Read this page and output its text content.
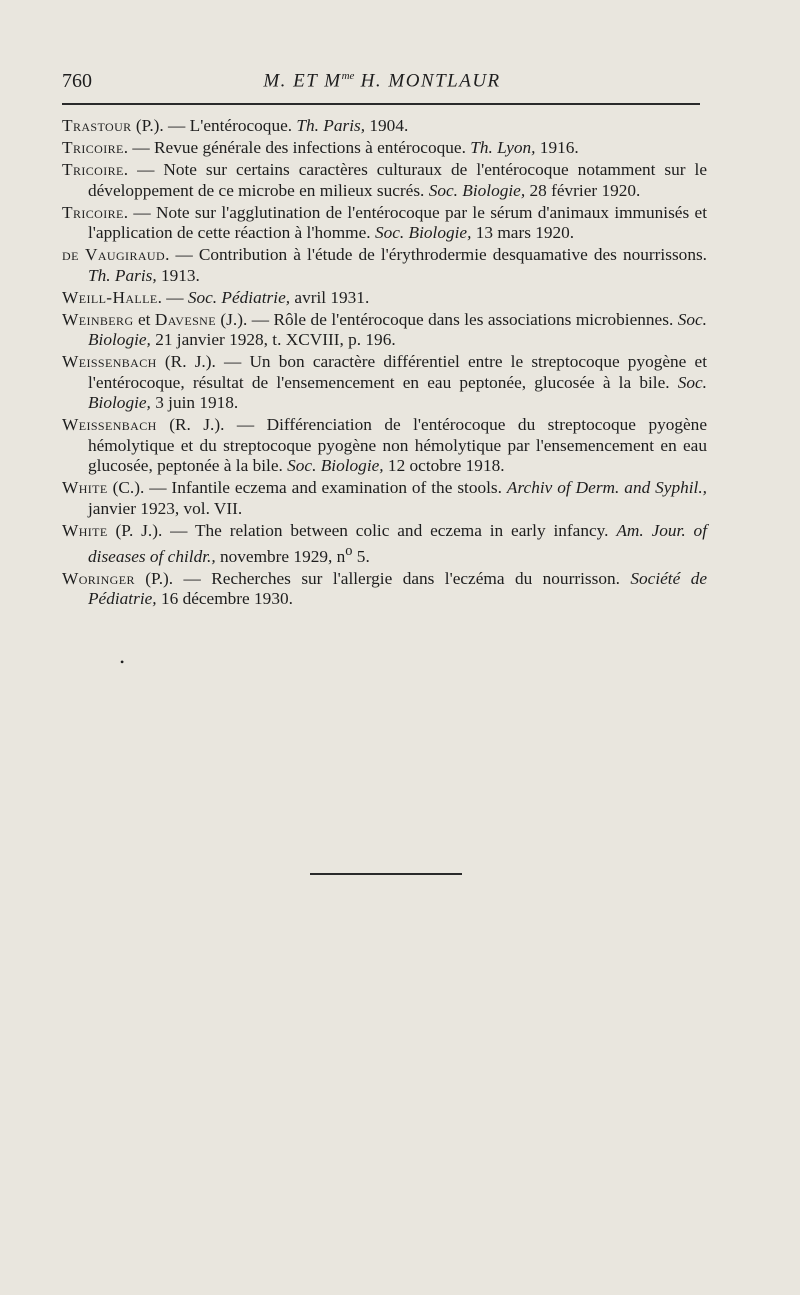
760	M. ET $M^{me}$ H. MONTLAUR

Trastour (P.). — L'entérocoque. Th. Paris, 1904.

Tricoire. — Revue générale des infections à entérocoque. Th. Lyon, 1916.

Tricoire. — Note sur certains caractères culturaux de l'entérocoque notamment sur le développement de ce microbe en milieux sucrés. Soc. Biologie, 28 février 1920.

Tricoire. — Note sur l'agglutination de l'entérocoque par le sérum d'animaux immunisés et l'application de cette réaction à l'homme. Soc. Biologie, 13 mars 1920.

de Vaugiraud. — Contribution à l'étude de l'érythrodermie desquamative des nourrissons. Th. Paris, 1913.

Weill-Halle. — Soc. Pédiatrie, avril 1931.

Weinberg et Davesne (J.). — Rôle de l'entérocoque dans les associations microbiennes. Soc. Biologie, 21 janvier 1928, t. XCVIII, p. 196.

Weissenbach (R. J.). — Un bon caractère différentiel entre le streptocoque pyogène et l'entérocoque, résultat de l'ensemencement en eau peptonée, glucosée à la bile. Soc. Biologie, 3 juin 1918.

Weissenbach (R. J.). — Différenciation de l'entérocoque du streptocoque pyogène hémolytique et du streptocoque pyogène non hémolytique par l'ensemencement en eau glucosée, peptonée à la bile. Soc. Biologie, 12 octobre 1918.

White (C.). — Infantile eczema and examination of the stools. Archiv of Derm. and Syphil., janvier 1923, vol. VII.

White (P. J.). — The relation between colic and eczema in early infancy. Am. Jour. of diseases of childr., novembre 1929, $n^o$ 5.

Woringer (P.). — Recherches sur l'allergie dans l'eczéma du nourrisson. Société de Pédiatrie, 16 décembre 1930.

•
